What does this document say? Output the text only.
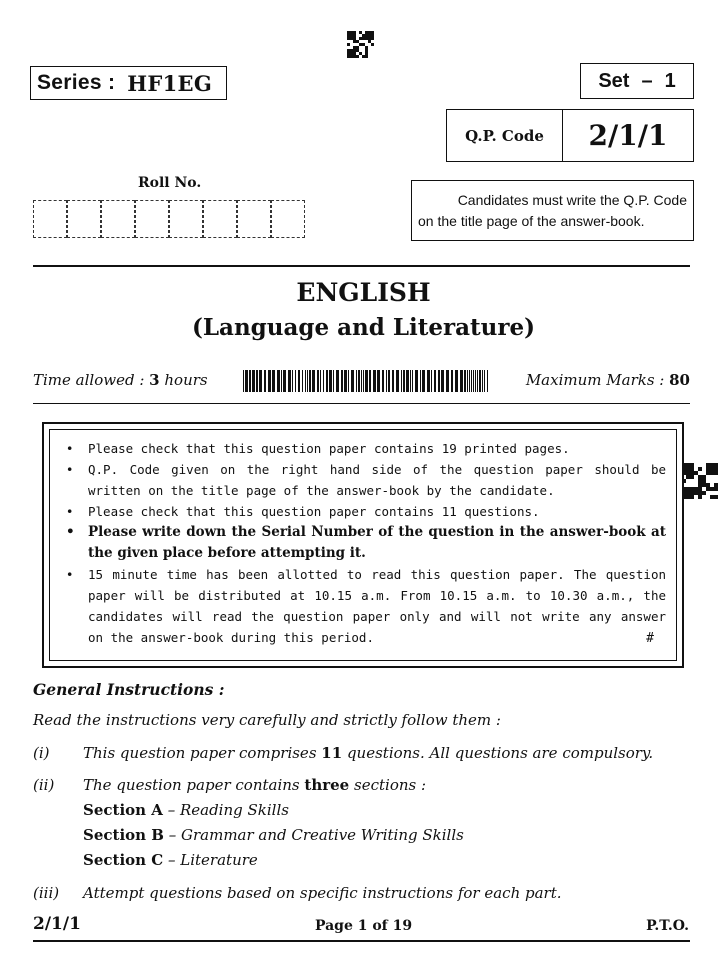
Series : HF1EG	Set – 1
Q.P. Code	2/1/1
Roll No.
Candidates must write the Q.P. Code
on the title page of the answer-book.
ENGLISH
(Language and Literature)
Time allowed : 3 hours	Maximum Marks : 80
• Please check that this question paper contains 19 printed pages.
• Q.P. Code given on the right hand side of the question paper should be written on the title page of the answer-book by the candidate.
• Please check that this question paper contains 11 questions.
• Please write down the Serial Number of the question in the answer-book at the given place before attempting it.
• 15 minute time has been allotted to read this question paper. The question paper will be distributed at 10.15 a.m. From 10.15 a.m. to 10.30 a.m., the candidates will read the question paper only and will not write any answer on the answer-book during this period.	#
General Instructions :
Read the instructions very carefully and strictly follow them :
(i) This question paper comprises 11 questions. All questions are compulsory.
(ii) The question paper contains three sections :
Section A – Reading Skills
Section B – Grammar and Creative Writing Skills
Section C – Literature
(iii) Attempt questions based on specific instructions for each part.
2/1/1	Page 1 of 19	P.T.O.
